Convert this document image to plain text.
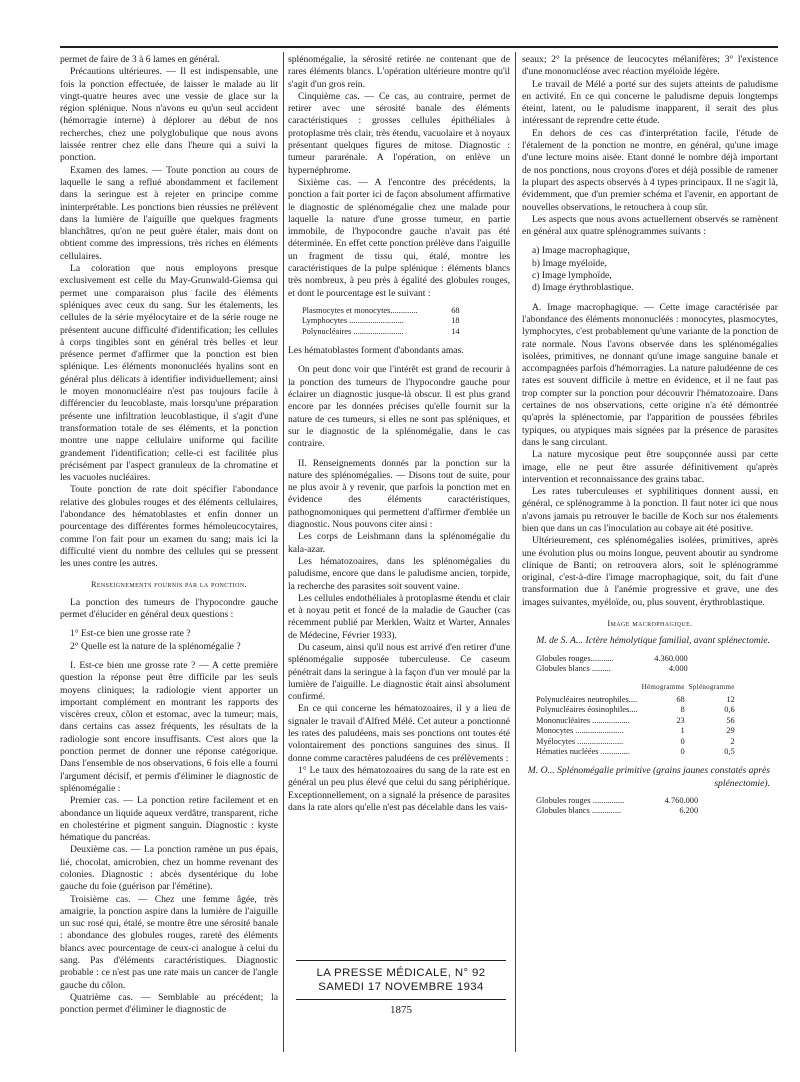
permet de faire de 3 à 6 lames en général.

Précautions ultérieures. — Il est indispensable, une fois la ponction effectuée, de laisser le malade au lit vingt-quatre heures avec une vessie de glace sur la région splénique. Nous n'avons eu qu'un seul accident (hémorragie interne) à déplorer au début de nos recherches, chez une polyglobulique que nous avons laissée rentrer chez elle dans l'heure qui a suivi la ponction.

Examen des lames. — Toute ponction au cours de laquelle le sang a reflué abondamment et facilement dans la seringue est à rejeter en principe comme ininterprétable. Les ponctions bien réussies ne prélèvent dans la lumière de l'aiguille que quelques fragments blanchâtres, qu'on ne peut guère étaler, mais dont on obtient comme des impressions, très riches en éléments cellulaires.

La coloration que nous employons presque exclusivement est celle du May-Grunwald-Giemsa qui permet une comparaison plus facile des éléments spléniques avec ceux du sang. Sur les étalements, les cellules de la série myélocytaire et de la série rouge ne présentent aucune difficulté d'identification; les cellules à corps tingibles sont en général très belles et leur présence permet d'affirmer que la ponction est bien splénique. Les éléments mononucléés hyalins sont en général plus délicats à identifier individuellement; ainsi le moyen mononucléaire n'est pas toujours facile à différencier du leucoblaste, mais lorsqu'une préparation présente une infiltration leucoblastique, il s'agit d'une transformation totale de ses éléments, et la ponction montre une nappe cellulaire uniforme qui facilite grandement l'identification; celle-ci est facilitée plus précisément par l'aspect granuleux de la chromatine et les vacuoles nucléaires.

Toute ponction de rate doit spécifier l'abondance relative des globules rouges et des éléments cellulaires, l'abondance des hématoblastes et enfin donner un pourcentage des différentes formes hémoleucocytaires, comme l'on fait pour un examen du sang; mais ici la difficulté vient du nombre des cellules qui se pressent les unes contre les autres.

Renseignements fournis par la ponction.

La ponction des tumeurs de l'hypocondre gauche permet d'élucider en général deux questions :

1° Est-ce bien une grosse rate ?

2° Quelle est la nature de la splénomégalie ?

I. Est-ce bien une grosse rate ? — A cette première question la réponse peut être difficile par les seuls moyens cliniques; la radiologie vient apporter un important complément en montrant les rapports des viscères creux, côlon et estomac, avec la tumeur; mais, dans certains cas assez fréquents, les résultats de la radiologie sont encore insuffisants. C'est alors que la ponction permet de donner une réponse catégorique. Dans l'ensemble de nos observations, 6 fois elle a fourni l'argument décisif, et permis d'éliminer le diagnostic de splénomégalie :

Premier cas. — La ponction retire facilement et en abondance un liquide aqueux verdâtre, transparent, riche en cholestérine et pigment sanguin. Diagnostic : kyste hématique du pancréas.

Deuxième cas. — La ponction ramène un pus épais, lié, chocolat, amicrobien, chez un homme revenant des colonies. Diagnostic : abcès dysentérique du lobe gauche du foie (guérison par l'émétine).

Troisième cas. — Chez une femme âgée, très amaigrie, la ponction aspire dans la lumière de l'aiguille un suc rosé qui, étalé, se montre être une sérosité banale : abondance des globules rouges, rareté des éléments blancs avec pourcentage de ceux-ci analogue à celui du sang. Pas d'éléments caractéristiques. Diagnostic probable : ce n'est pas une rate mais un cancer de l'angle gauche du côlon.

Quatrième cas. — Semblable au précédent; la ponction permet d'éliminer le diagnostic de

splénomégalie, la sérosité retirée ne contenant que de rares éléments blancs. L'opération ultérieure montre qu'il s'agit d'un gros rein.

Cinquième cas. — Ce cas, au contraire, permet de retirer avec une sérosité banale des éléments caractéristiques : grosses cellules épithéliales à protoplasme très clair, très étendu, vacuolaire et à noyaux présentant quelques figures de mitose. Diagnostic : tumeur pararénale. A l'opération, on enlève un hypernéphrome.

Sixième cas. — A l'encontre des précédents, la ponction a fait porter ici de façon absolument affirmative le diagnostic de splénomégalie chez une malade pour laquelle la nature d'une grosse tumeur, en partie immobile, de l'hypocondre gauche n'avait pas été déterminée. En effet cette ponction prélève dans l'aiguille un fragment de tissu qui, étalé, montre les caractéristiques de la pulpe splénique : éléments blancs très nombreux, à peu près à égalité des globules rouges, et dont le pourcentage est le suivant :

Plasmocytes et monocytes.............	68
Lymphocytes ..........................	18
Polynucléaires ........................	14

Les hématoblastes forment d'abondants amas.

On peut donc voir que l'intérêt est grand de recourir à la ponction des tumeurs de l'hypocondre gauche pour éclairer un diagnostic jusque-là obscur. Il est plus grand encore par les données précises qu'elle fournit sur la nature de ces tumeurs, si elles ne sont pas spléniques, et sur le diagnostic de la splénomégalie, dans le cas contraire.

II. Renseignements donnés par la ponction sur la nature des splénomégalies. — Disons tout de suite, pour ne plus avoir à y revenir, que parfois la ponction met en évidence des éléments caractéristiques, pathognomoniques qui permettent d'affirmer d'emblée un diagnostic. Nous pouvons citer ainsi :

Les corps de Leishmann dans la splénomégalie du kala-azar.

Les hématozoaires, dans les splénomégalies du paludisme, encore que dans le paludisme ancien, torpide, la recherche des parasites soit souvent vaine.

Les cellules endothéliales à protoplasme étendu et clair et à noyau petit et foncé de la maladie de Gaucher (cas récemment publié par Merklen, Waitz et Warter, Annales de Médecine, Février 1933).

Du caseum, ainsi qu'il nous est arrivé d'en retirer d'une splénomégalie supposée tuberculeuse. Ce caseum pénétrait dans la seringue à la façon d'un ver moulé par la lumière de l'aiguille. Le diagnostic était ainsi absolument confirmé.

En ce qui concerne les hématozoaires, il y a lieu de signaler le travail d'Alfred Mélé. Cet auteur a ponctionné les rates des paludéens, mais ses ponctions ont toutes été volontairement des ponctions sanguines des sinus. Il donne comme caractères paludéens de ces prélèvements :

1° Le taux des hématozoaires du sang de la rate est en général un peu plus élevé que celui du sang périphérique. Exceptionnellement, on a signalé la présence de parasites dans la rate alors qu'elle n'est pas décelable dans les vais-

seaux; 2° la présence de leucocytes mélanifères; 3° l'existence d'une mononucléose avec réaction myéloïde légère.

Le travail de Mélé a porté sur des sujets atteints de paludisme en activité. En ce qui concerne le paludisme depuis longtemps éteint, latent, ou le paludisme inapparent, il serait des plus intéressant de reprendre cette étude.

En dehors de ces cas d'interprétation facile, l'étude de l'étalement de la ponction ne montre, en général, qu'une image d'une lecture moins aisée. Etant donné le nombre déjà important de nos ponctions, nous croyons d'ores et déjà possible de ramener la plupart des aspects observés à 4 types principaux. Il ne s'agit là, évidemment, que d'un premier schéma et l'avenir, en apportant de nouvelles observations, le retouchera à coup sûr.

Les aspects que nous avons actuellement observés se ramènent en général aux quatre splénogrammes suivants :

a) Image macrophagique,

b) Image myéloïde,

c) Image lymphoïde,

d) Image érythroblastique.

A. Image macrophagique. — Cette image caractérisée par l'abondance des éléments mononucléés : monocytes, plasmocytes, lymphocytes, c'est probablement qu'une variante de la ponction de rate normale. Nous l'avons observée dans les splénomégalies isolées, primitives, ne donnant qu'une image sanguine banale et accompagnées parfois d'hémorragies. La nature paludéenne de ces rates est souvent difficile à mettre en évidence, et il ne faut pas trop compter sur la ponction pour découvrir l'hématozoaire. Dans certaines de nos observations, cette origine n'a été démontrée qu'après la splénectomie, par l'apparition de poussées fébriles typiques, ou atypiques mais signées par la présence de parasites dans le sang circulant.

La nature mycosique peut être soupçonnée aussi par cette image, elle ne peut être assurée définitivement qu'après intervention et reconnaissance des grains tabac.

Les rates tuberculeuses et syphilitiques donnent aussi, en général, ce splénogramme à la ponction. Il faut noter ici que nous n'avons jamais pu retrouver le bacille de Koch sur nos étalements bien que dans un cas l'inoculation au cobaye ait été positive.

Ultérieurement, ces splénomégalies isolées, primitives, après une évolution plus ou moins longue, peuvent aboutir au syndrome clinique de Banti; on retrouvera alors, soit le splénogramme original, c'est-à-dire l'image macrophagique, soit, du fait d'une transformation due à l'anémie progressive et grave, une des images suivantes, myéloïde, ou, plus souvent, érythroblastique.

Image macrophagique.

M. de S. A... Ictère hémolytique familial, avant splénectomie.

Globules rouges...........	4.360.000
Globules blancs .........	4.000
	Hémogramme	Splénogramme
Polynucléaires neutrophiles....	68	12
Polynucléaires éosinophiles....	8	0,6
Mononucléaires ..................	23	56
Monocytes .......................	1	29
Myélocytes ......................	0	2
Hématies nucléées ..............	0	0,5

M. O... Splénomégalie primitive (grains jaunes constatés après splénectomie).

Globules rouges ...............	4.760.000
Globules blancs ..............	6.200
LA PRESSE MÉDICALE, N° 92
SAMEDI 17 NOVEMBRE 1934
1875
